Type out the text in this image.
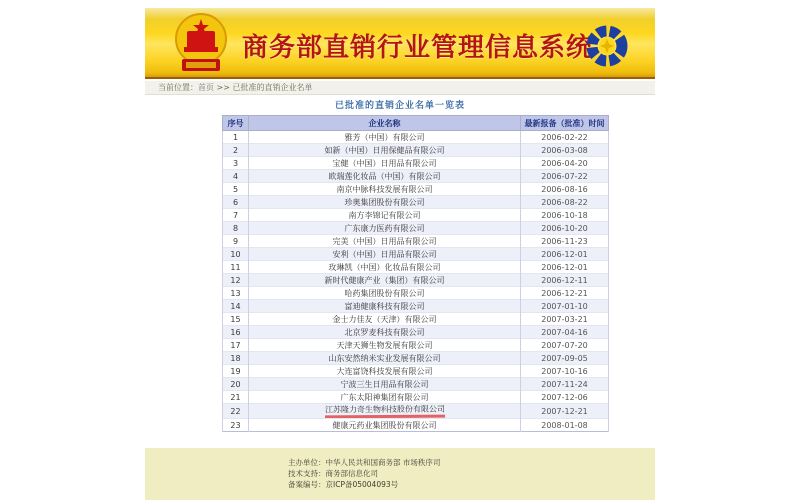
商务部直销行业管理信息系统
当前位置：首页 >> 已批准的直销企业名单
已批准的直销企业名单一览表
序号	企业名称	最新报备（批准）时间
1	雅芳（中国）有限公司	2006-02-22
2	如新（中国）日用保健品有限公司	2006-03-08
3	宝健（中国）日用品有限公司	2006-04-20
4	欧瑞莲化妆品（中国）有限公司	2006-07-22
5	南京中脉科技发展有限公司	2006-08-16
6	珍奥集团股份有限公司	2006-08-22
7	南方李锦记有限公司	2006-10-18
8	广东康力医药有限公司	2006-10-20
9	完美（中国）日用品有限公司	2006-11-23
10	安利（中国）日用品有限公司	2006-12-01
11	玫琳凯（中国）化妆品有限公司	2006-12-01
12	新时代健康产业（集团）有限公司	2006-12-11
13	哈药集团股份有限公司	2006-12-21
14	富迪健康科技有限公司	2007-01-10
15	金士力佳友（天津）有限公司	2007-03-21
16	北京罗麦科技有限公司	2007-04-16
17	天津天狮生物发展有限公司	2007-07-20
18	山东安然纳米实业发展有限公司	2007-09-05
19	大连富饶科技发展有限公司	2007-10-16
20	宁波三生日用品有限公司	2007-11-24
21	广东太阳神集团有限公司	2007-12-06
22	江苏隆力奇生物科技股份有限公司	2007-12-21
23	健康元药业集团股份有限公司	2008-01-08
主办单位：中华人民共和国商务部 市场秩序司
技术支持：商务部信息化司
备案编号：京ICP备05004093号
